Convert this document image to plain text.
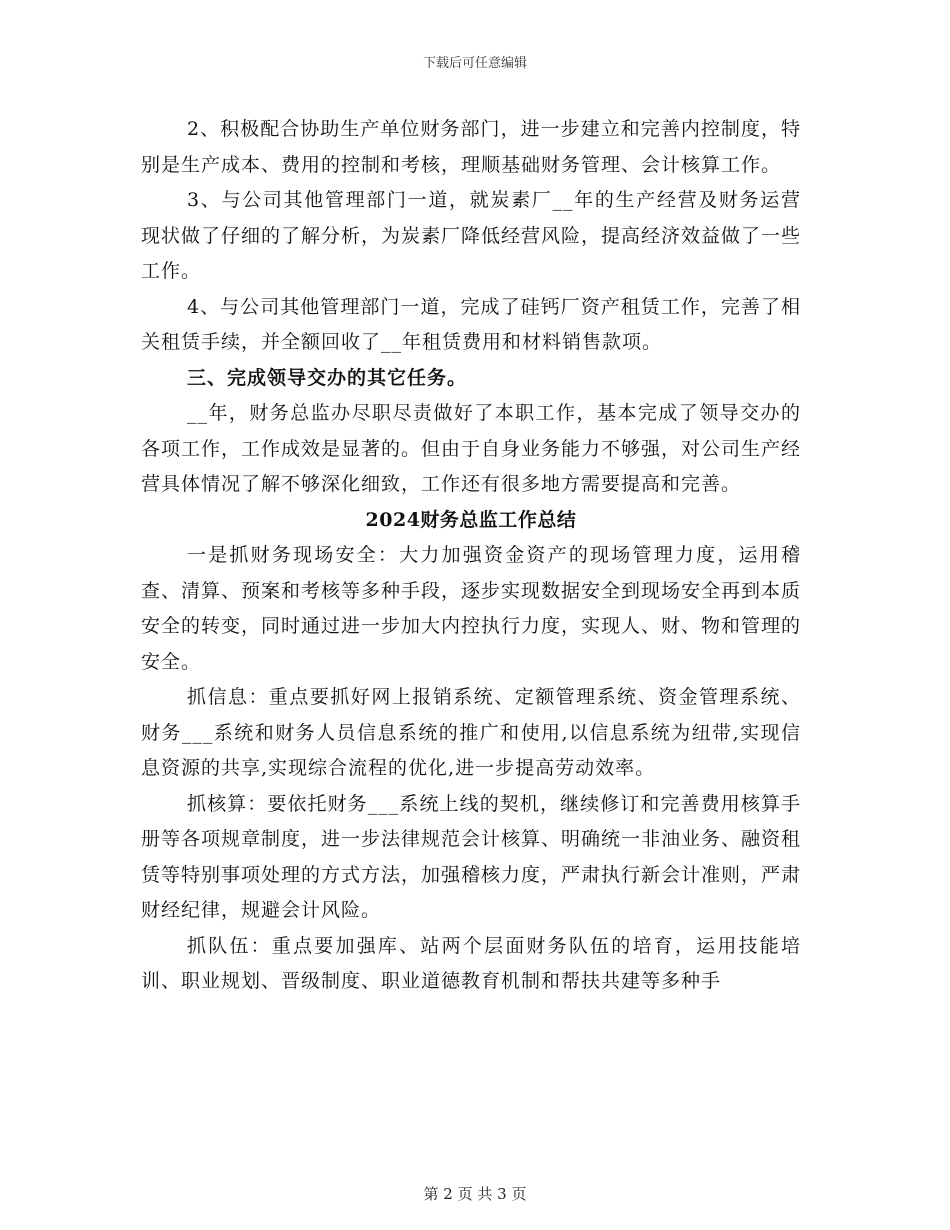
下载后可任意编辑

2、积极配合协助生产单位财务部门，进一步建立和完善内控制度，特别是生产成本、费用的控制和考核，理顺基础财务管理、会计核算工作。

3、与公司其他管理部门一道，就炭素厂__年的生产经营及财务运营现状做了仔细的了解分析，为炭素厂降低经营风险，提高经济效益做了一些工作。

4、与公司其他管理部门一道，完成了硅钙厂资产租赁工作，完善了相关租赁手续，并全额回收了__年租赁费用和材料销售款项。

三、完成领导交办的其它任务。

__年，财务总监办尽职尽责做好了本职工作，基本完成了领导交办的各项工作，工作成效是显著的。但由于自身业务能力不够强，对公司生产经营具体情况了解不够深化细致，工作还有很多地方需要提高和完善。

2024财务总监工作总结

一是抓财务现场安全：大力加强资金资产的现场管理力度，运用稽查、清算、预案和考核等多种手段，逐步实现数据安全到现场安全再到本质安全的转变，同时通过进一步加大内控执行力度，实现人、财、物和管理的安全。

抓信息：重点要抓好网上报销系统、定额管理系统、资金管理系统、财务___系统和财务人员信息系统的推广和使用,以信息系统为纽带,实现信息资源的共享,实现综合流程的优化,进一步提高劳动效率。

抓核算：要依托财务___系统上线的契机，继续修订和完善费用核算手册等各项规章制度，进一步法律规范会计核算、明确统一非油业务、融资租赁等特别事项处理的方式方法，加强稽核力度，严肃执行新会计准则，严肃财经纪律，规避会计风险。

抓队伍：重点要加强库、站两个层面财务队伍的培育，运用技能培训、职业规划、晋级制度、职业道德教育机制和帮扶共建等多种手

第 2 页 共 3 页
